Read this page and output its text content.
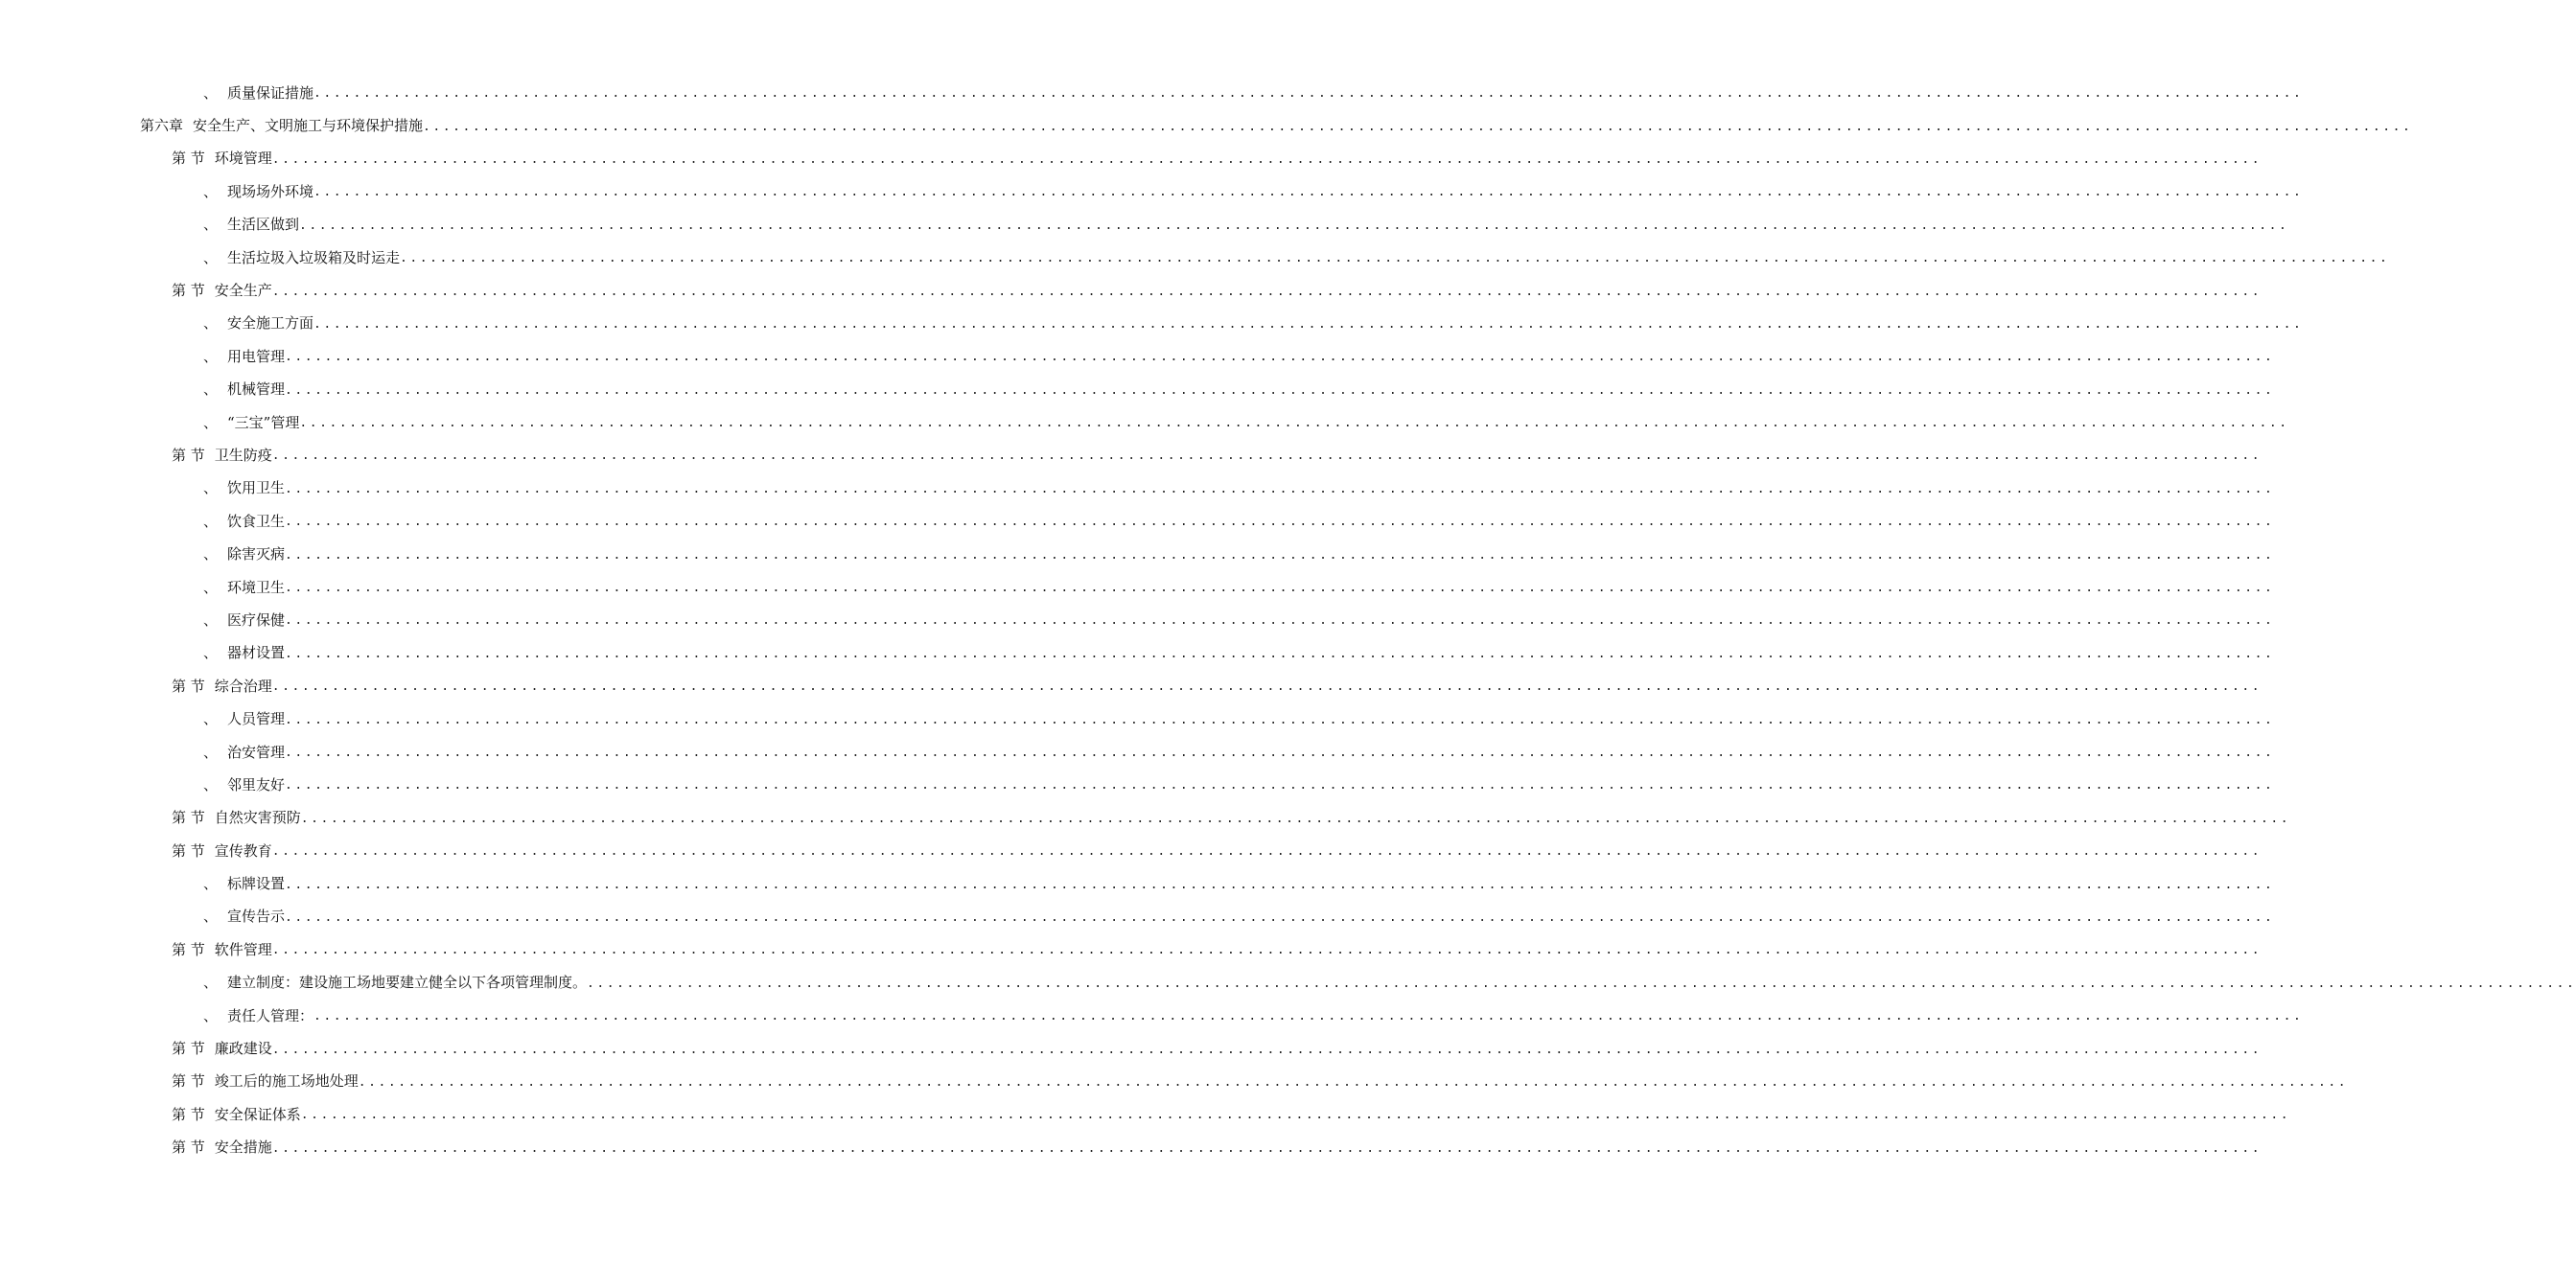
、 质量保证措施 ........................................................................................................................................................................................................
第六章 安全生产、文明施工与环境保护措施 ........................................................................................................................................................................................................
第 节 环境管理 ........................................................................................................................................................................................................
、 现场场外环境 ........................................................................................................................................................................................................
、 生活区做到 ........................................................................................................................................................................................................
、 生活垃圾入垃圾箱及时运走 ........................................................................................................................................................................................................
第 节 安全生产 ........................................................................................................................................................................................................
、 安全施工方面 ........................................................................................................................................................................................................
、 用电管理 ........................................................................................................................................................................................................
、 机械管理 ........................................................................................................................................................................................................
、 “三宝”管理 ........................................................................................................................................................................................................
第 节 卫生防疫 ........................................................................................................................................................................................................
、 饮用卫生 ........................................................................................................................................................................................................
、 饮食卫生 ........................................................................................................................................................................................................
、 除害灭病 ........................................................................................................................................................................................................
、 环境卫生 ........................................................................................................................................................................................................
、 医疗保健 ........................................................................................................................................................................................................
、 器材设置 ........................................................................................................................................................................................................
第 节 综合治理 ........................................................................................................................................................................................................
、 人员管理 ........................................................................................................................................................................................................
、 治安管理 ........................................................................................................................................................................................................
、 邻里友好 ........................................................................................................................................................................................................
第 节 自然灾害预防 ........................................................................................................................................................................................................
第 节 宣传教育 ........................................................................................................................................................................................................
、 标牌设置 ........................................................................................................................................................................................................
、 宣传告示 ........................................................................................................................................................................................................
第 节 软件管理 ........................................................................................................................................................................................................
、 建立制度：建设施工场地要建立健全以下各项管理制度。 ........................................................................................................................................................................................................
、 责任人管理： ........................................................................................................................................................................................................
第 节 廉政建设 ........................................................................................................................................................................................................
第 节 竣工后的施工场地处理 ........................................................................................................................................................................................................
第 节 安全保证体系 ........................................................................................................................................................................................................
第 节 安全措施 ........................................................................................................................................................................................................
